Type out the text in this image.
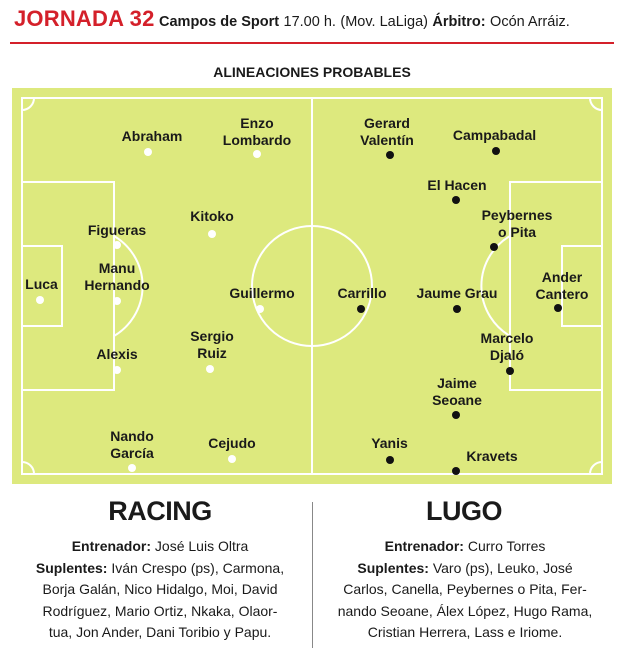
JORNADA 32 Campos de Sport 17.00 h. (Mov. LaLiga) Árbitro: Ocón Arráiz.
ALINEACIONES PROBABLES
Abraham
Enzo
Lombardo
Figueras
Kitoko
Luca
Manu
Hernando	Guillermo
Sergio
Ruiz
Alexis
Nando
García
Cejudo
Gerard
Valentín	Campabadal
El Hacen
Peybernes
o Pita
Ander
Cantero
Carrillo	Jaume Grau
Marcelo
Djaló
Jaime
Seoane
Yanis
Kravets
RACING	LUGO
Entrenador: José Luis Oltra
Suplentes: Iván Crespo (ps), Carmona,
Borja Galán, Nico Hidalgo, Moi, David
Rodríguez, Mario Ortiz, Nkaka, Olaor-
tua, Jon Ander, Dani Toribio y Papu.
Entrenador: Curro Torres
Suplentes: Varo (ps), Leuko, José
Carlos, Canella, Peybernes o Pita, Fer-
nando Seoane, Álex López, Hugo Rama,
Cristian Herrera, Lass e Iriome.
